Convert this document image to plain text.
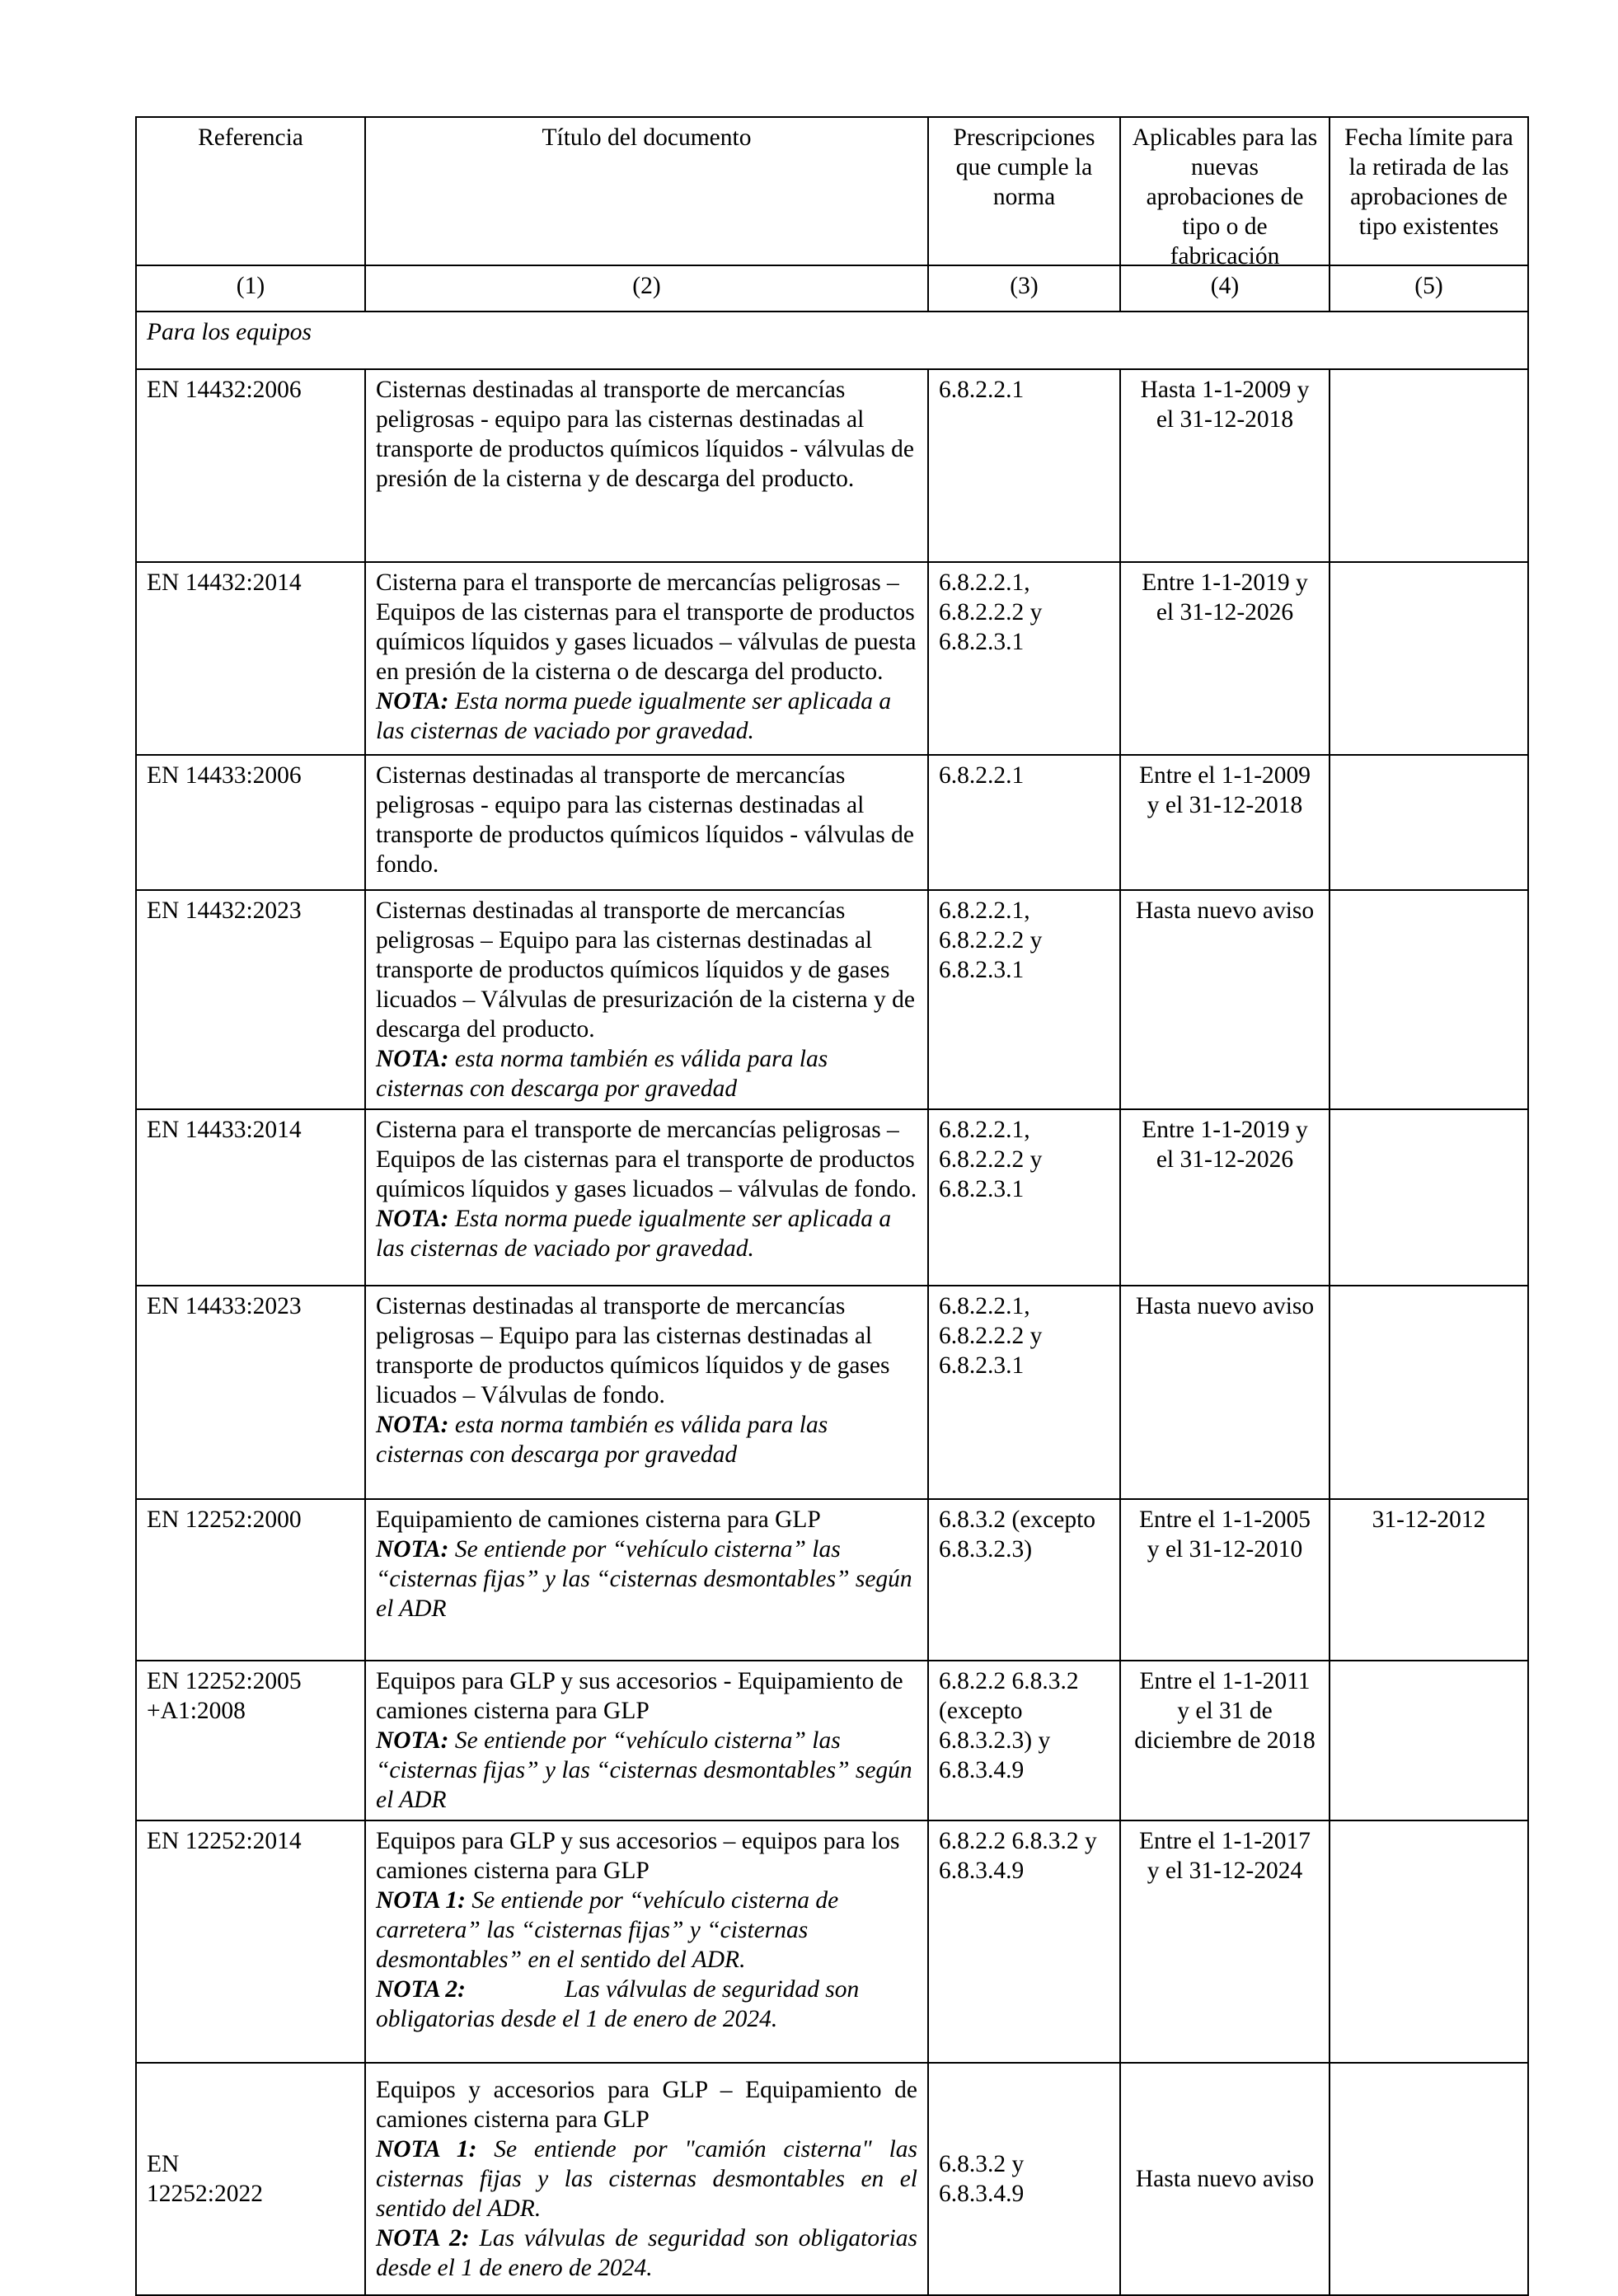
Referencia	Título del documento	Prescripciones que cumple la norma	Aplicables para las nuevas aprobaciones de tipo o de fabricación	Fecha límite para la retirada de las aprobaciones de tipo existentes

(1)	(2)	(3)	(4)	(5)
Para los equipos				
EN 14432:2006	Cisternas destinadas al transporte de mercancías peligrosas - equipo para las cisternas destinadas al transporte de productos químicos líquidos - válvulas de presión de la cisterna y de descarga del producto.	6.8.2.2.1	Hasta 1-1-2009 y el 31-12-2018	
EN 14432:2014	Cisterna para el transporte de mercancías peligrosas – Equipos de las cisternas para el transporte de productos químicos líquidos y gases licuados – válvulas de puesta en presión de la cisterna o de descarga del producto.
NOTA: Esta norma puede igualmente ser aplicada a las cisternas de vaciado por gravedad.	6.8.2.2.1, 6.8.2.2.2 y 6.8.2.3.1	Entre 1-1-2019 y el 31-12-2026	
EN 14433:2006	Cisternas destinadas al transporte de mercancías peligrosas - equipo para las cisternas destinadas al transporte de productos químicos líquidos - válvulas de fondo.	6.8.2.2.1	Entre el 1-1-2009 y el 31-12-2018	
EN 14432:2023	Cisternas destinadas al transporte de mercancías peligrosas – Equipo para las cisternas destinadas al transporte de productos químicos líquidos y de gases licuados – Válvulas de presurización de la cisterna y de descarga del producto.
NOTA: esta norma también es válida para las cisternas con descarga por gravedad	6.8.2.2.1, 6.8.2.2.2 y 6.8.2.3.1	Hasta nuevo aviso	
EN 14433:2014	Cisterna para el transporte de mercancías peligrosas – Equipos de las cisternas para el transporte de productos químicos líquidos y gases licuados – válvulas de fondo.
NOTA: Esta norma puede igualmente ser aplicada a las cisternas de vaciado por gravedad.	6.8.2.2.1, 6.8.2.2.2 y 6.8.2.3.1	Entre 1-1-2019 y el 31-12-2026	
EN 14433:2023	Cisternas destinadas al transporte de mercancías peligrosas – Equipo para las cisternas destinadas al transporte de productos químicos líquidos y de gases licuados – Válvulas de fondo.
NOTA: esta norma también es válida para las cisternas con descarga por gravedad	6.8.2.2.1, 6.8.2.2.2 y 6.8.2.3.1	Hasta nuevo aviso	
EN 12252:2000	Equipamiento de camiones cisterna para GLP
NOTA: Se entiende por “vehículo cisterna” las “cisternas fijas” y las “cisternas desmontables” según el ADR	6.8.3.2 (excepto 6.8.3.2.3)	Entre el 1-1-2005 y el 31-12-2010	31-12-2012
EN 12252:2005
+A1:2008	Equipos para GLP y sus accesorios - Equipamiento de camiones cisterna para GLP
NOTA: Se entiende por “vehículo cisterna” las “cisternas fijas” y las “cisternas desmontables” según el ADR	6.8.2.2 6.8.3.2 (excepto 6.8.3.2.3) y 6.8.3.4.9	Entre el 1-1-2011 y el 31 de diciembre de 2018	
EN 12252:2014	Equipos para GLP y sus accesorios – equipos para los camiones cisterna para GLP
NOTA 1: Se entiende por “vehículo cisterna de carretera” las “cisternas fijas” y “cisternas desmontables” en el sentido del ADR.
NOTA 2: Las válvulas de seguridad son obligatorias desde el 1 de enero de 2024.	6.8.2.2 6.8.3.2 y 6.8.3.4.9	Entre el 1-1-2017 y el 31-12-2024	
EN
12252:2022	Equipos y accesorios para GLP – Equipamiento de camiones cisterna para GLP
NOTA 1: Se entiende por "camión cisterna" las cisternas fijas y las cisternas desmontables en el sentido del ADR.
NOTA 2: Las válvulas de seguridad son obligatorias desde el 1 de enero de 2024.	6.8.3.2 y 6.8.3.4.9	Hasta nuevo aviso	
